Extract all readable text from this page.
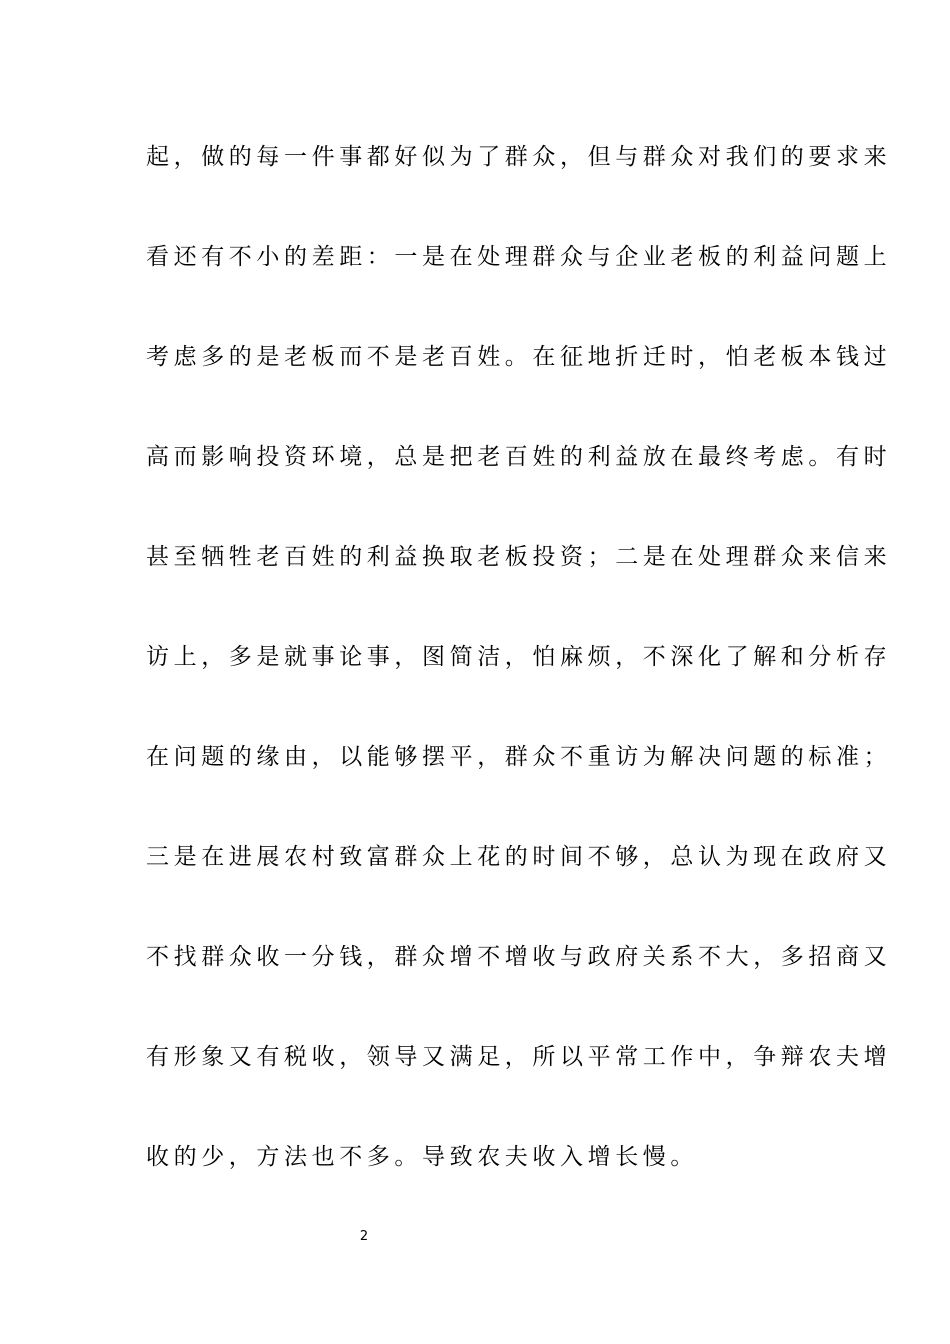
起，做的每一件事都好似为了群众，但与群众对我们的要求来
看还有不小的差距：一是在处理群众与企业老板的利益问题上
考虑多的是老板而不是老百姓。在征地折迁时，怕老板本钱过
高而影响投资环境，总是把老百姓的利益放在最终考虑。有时
甚至牺牲老百姓的利益换取老板投资；二是在处理群众来信来
访上，多是就事论事，图简洁，怕麻烦，不深化了解和分析存
在问题的缘由，以能够摆平，群众不重访为解决问题的标准；
三是在进展农村致富群众上花的时间不够，总认为现在政府又
不找群众收一分钱，群众增不增收与政府关系不大，多招商又
有形象又有税收，领导又满足，所以平常工作中，争辩农夫增
收的少，方法也不多。导致农夫收入增长慢。
2
